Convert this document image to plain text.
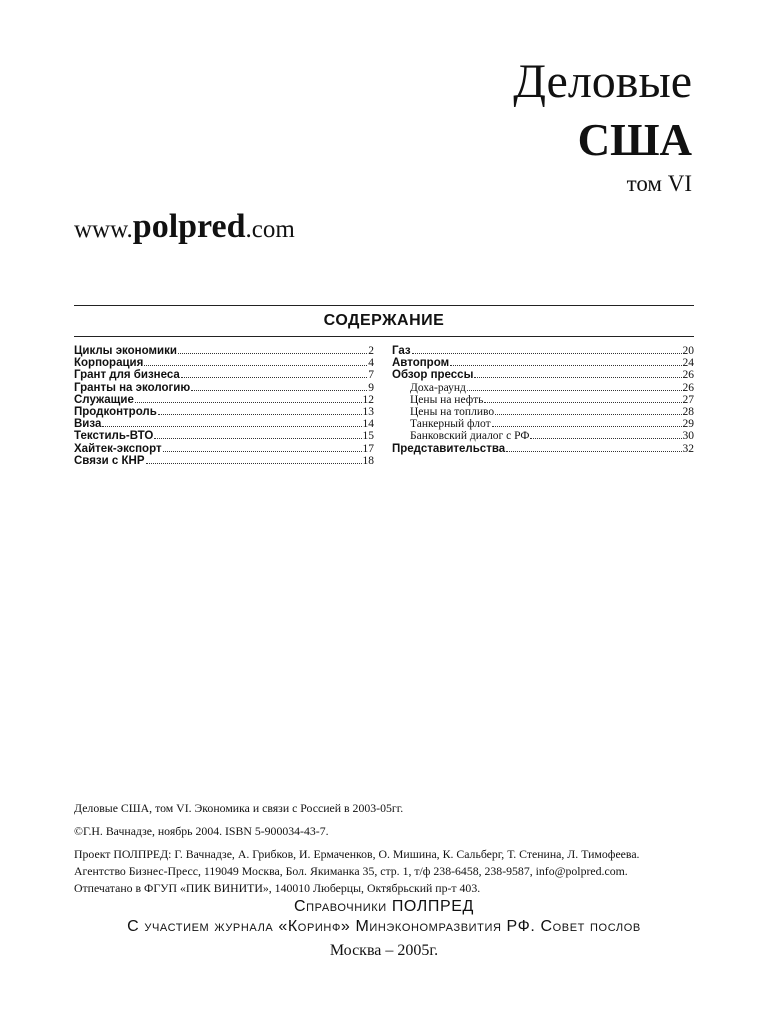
Деловые
США
том VI
www.polpred.com
СОДЕРЖАНИЕ
Циклы экономики	2
Корпорация	4
Грант для бизнеса	7
Гранты на экологию	9
Служащие	12
Продконтроль	13
Виза	14
Текстиль-ВТО	15
Хайтек-экспорт	17
Связи с КНР	18
Газ	20
Автопром	24
Обзор прессы	26
Доха-раунд	26
Цены на нефть	27
Цены на топливо	28
Танкерный флот	29
Банковский диалог с РФ	30
Представительства	32

Деловые США, том VI. Экономика и связи с Россией в 2003-05гг.

©Г.Н. Вачнадзе, ноябрь 2004. ISBN 5-900034-43-7.

Проект ПОЛПРЕД: Г. Вачнадзе, А. Грибков, И. Ермаченков, О. Мишина, К. Сальберг, Т. Стенина, Л. Тимофеева.

Агентство Бизнес-Пресс, 119049 Москва, Бол. Якиманка 35, стр. 1, т/ф 238-6458, 238-9587, info@polpred.com.

Отпечатано в ФГУП «ПИК ВИНИТИ», 140010 Люберцы, Октябрьский пр-т 403.

Справочники ПОЛПРЕД
С участием журнала «Коринф» Минэкономразвития РФ. Совет послов
Москва – 2005г.
